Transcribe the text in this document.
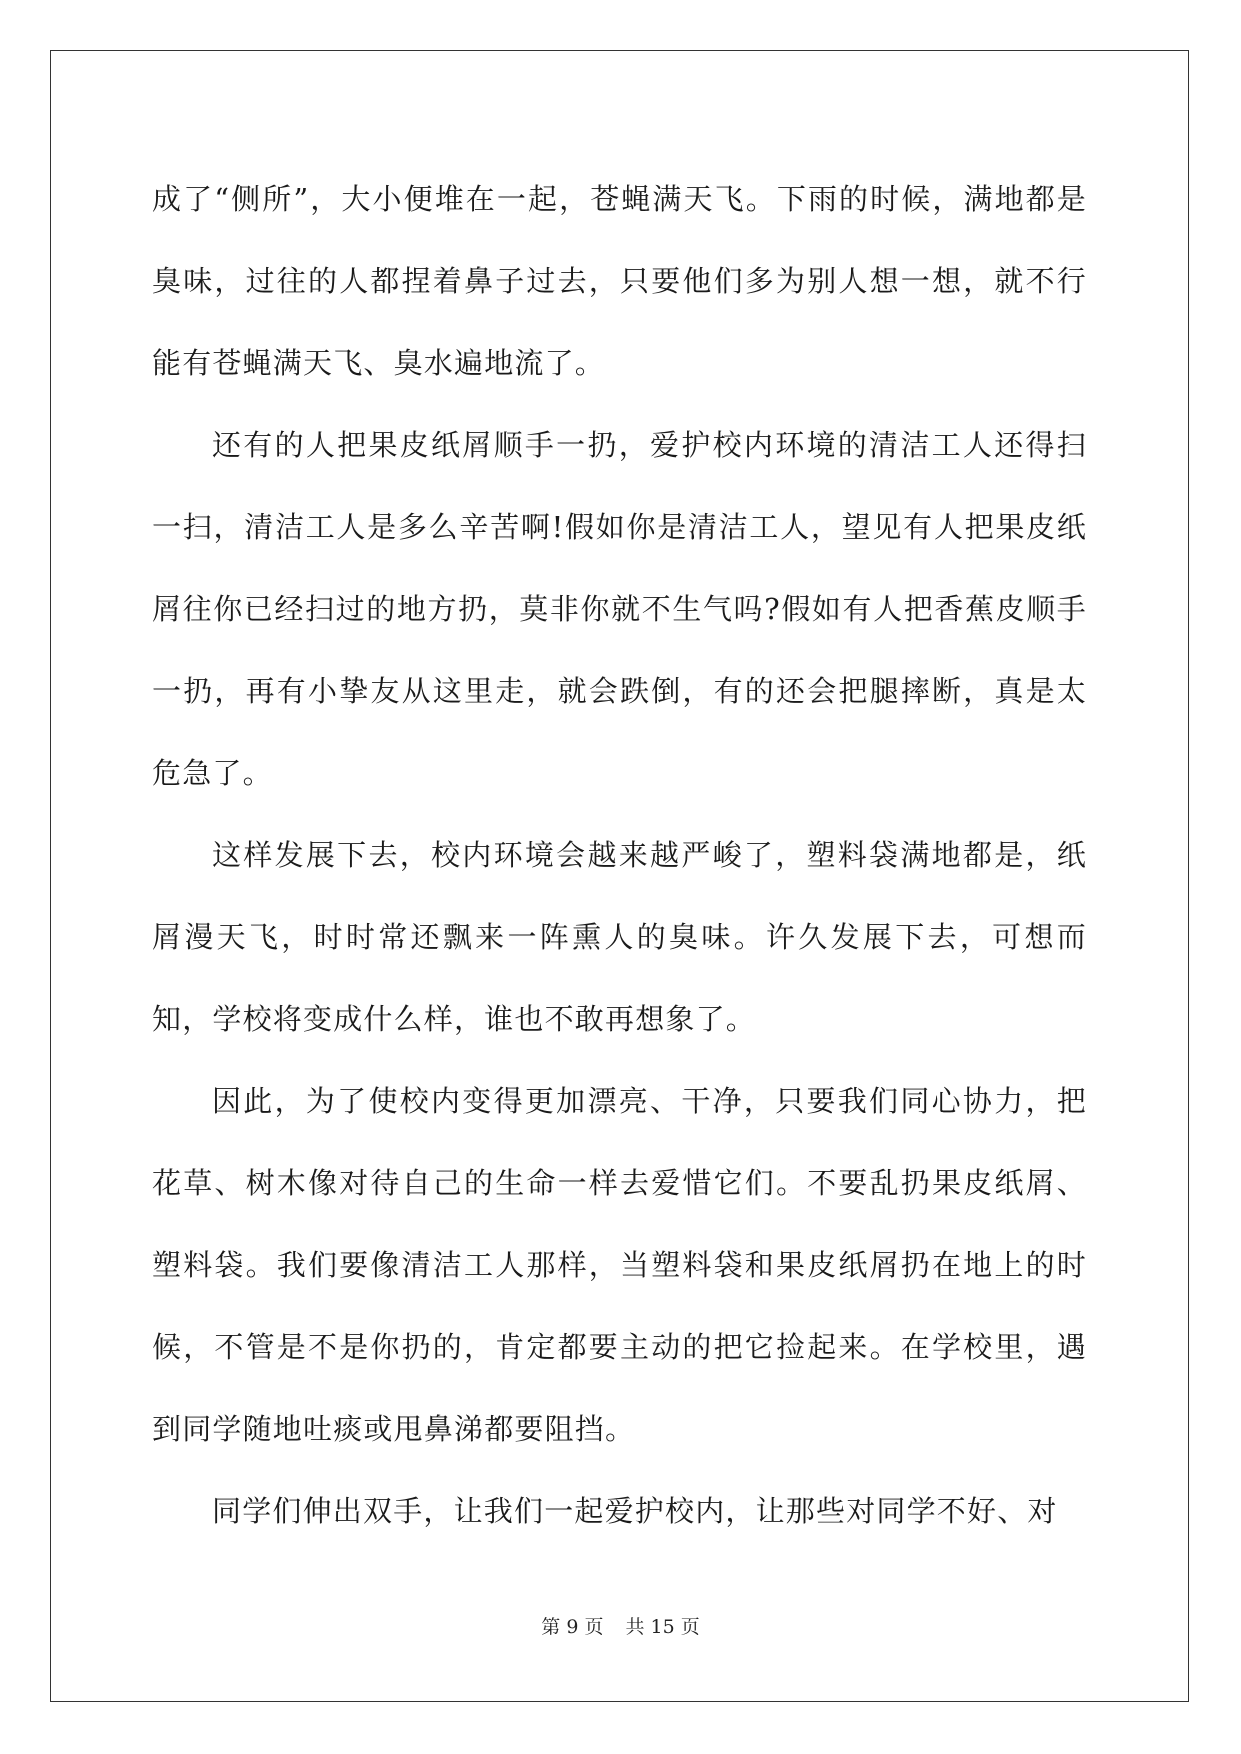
成了“侧所”，大小便堆在一起，苍蝇满天飞。下雨的时候，满地都是臭味，过往的人都捏着鼻子过去，只要他们多为别人想一想，就不行能有苍蝇满天飞、臭水遍地流了。

还有的人把果皮纸屑顺手一扔，爱护校内环境的清洁工人还得扫一扫，清洁工人是多么辛苦啊!假如你是清洁工人，望见有人把果皮纸屑往你已经扫过的地方扔，莫非你就不生气吗?假如有人把香蕉皮顺手一扔，再有小挚友从这里走，就会跌倒，有的还会把腿摔断，真是太危急了。

这样发展下去，校内环境会越来越严峻了，塑料袋满地都是，纸屑漫天飞，时时常还飘来一阵熏人的臭味。许久发展下去，可想而知，学校将变成什么样，谁也不敢再想象了。

因此，为了使校内变得更加漂亮、干净，只要我们同心协力，把花草、树木像对待自己的生命一样去爱惜它们。不要乱扔果皮纸屑、塑料袋。我们要像清洁工人那样，当塑料袋和果皮纸屑扔在地上的时候，不管是不是你扔的，肯定都要主动的把它捡起来。在学校里，遇到同学随地吐痰或甩鼻涕都要阻挡。

同学们伸出双手，让我们一起爱护校内，让那些对同学不好、对

第 9 页 共 15 页
